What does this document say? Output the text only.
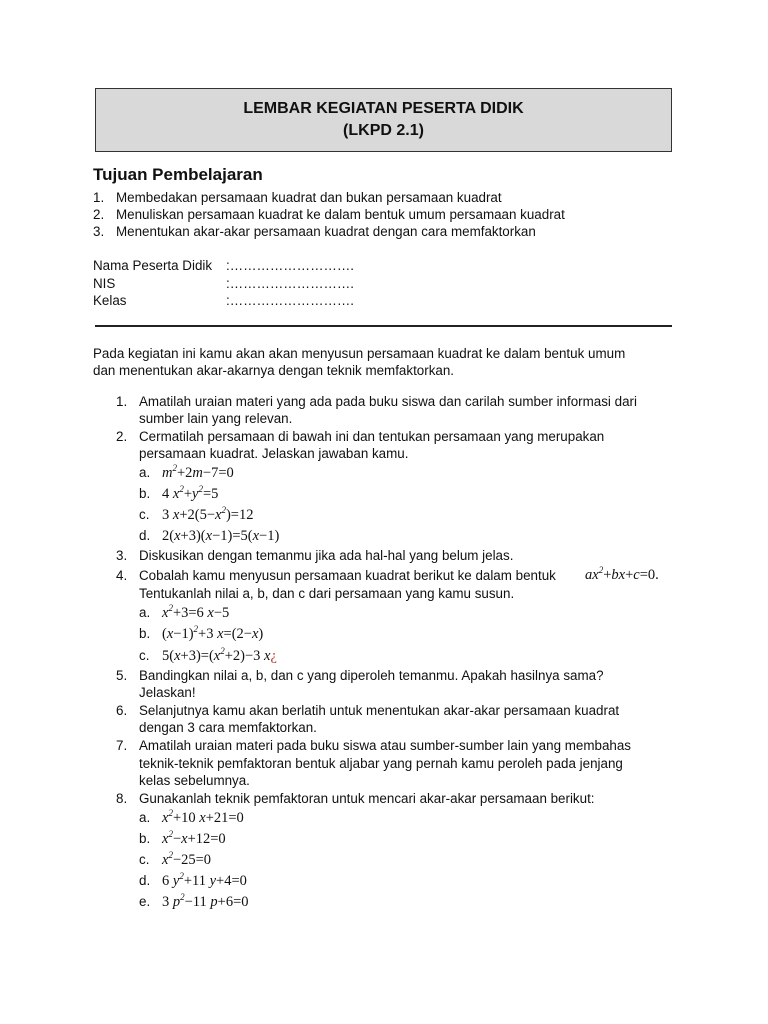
LEMBAR KEGIATAN PESERTA DIDIK
(LKPD 2.1)
Tujuan Pembelajaran
1. Membedakan persamaan kuadrat dan bukan persamaan kuadrat
2. Menuliskan persamaan kuadrat ke dalam bentuk umum persamaan kuadrat
3. Menentukan akar-akar persamaan kuadrat dengan cara memfaktorkan
Nama Peserta Didik :……………………….
NIS	:……………………….
Kelas	:……………………….
Pada kegiatan ini kamu akan akan menyusun persamaan kuadrat ke dalam bentuk umum
dan menentukan akar-akarnya dengan teknik memfaktorkan.
1. Amatilah uraian materi yang ada pada buku siswa dan carilah sumber informasi dari
sumber lain yang relevan.
2. Cermatilah persamaan di bawah ini dan tentukan persamaan yang merupakan
persamaan kuadrat. Jelaskan jawaban kamu.
a. $m^2+2m-7=0$
b. 4 $x^2+y^2=5$
c. 3 $x+2(5-x^2)=12$
d. 2(x+3)(x−1)=5(x−1)
3. Diskusikan dengan temanmu jika ada hal-hal yang belum jelas.
4. Cobalah kamu menyusun persamaan kuadrat berikut ke dalam bentuk $ax^2+bx+c=0$.
Tentukanlah nilai a, b, dan c dari persamaan yang kamu susun.
a. $x^2+3=6$ x−5
b. $(x-1)^2+3$ x=(2−x)
c. $5(x+3)=(x^2+2)-3$ x¿
5. Bandingkan nilai a, b, dan c yang diperoleh temanmu. Apakah hasilnya sama?
Jelaskan!
6. Selanjutnya kamu akan berlatih untuk menentukan akar-akar persamaan kuadrat
dengan 3 cara memfaktorkan.
7. Amatilah uraian materi pada buku siswa atau sumber-sumber lain yang membahas
teknik-teknik pemfaktoran bentuk aljabar yang pernah kamu peroleh pada jenjang
kelas sebelumnya.
8. Gunakanlah teknik pemfaktoran untuk mencari akar-akar persamaan berikut:
a. $x^2+10$ x+21=0
b. $x^2-x+12=0$
c. $x^2-25=0$
d. 6 $y^2+11$ y+4=0
e. 3 $p^2-11$ p+6=0
